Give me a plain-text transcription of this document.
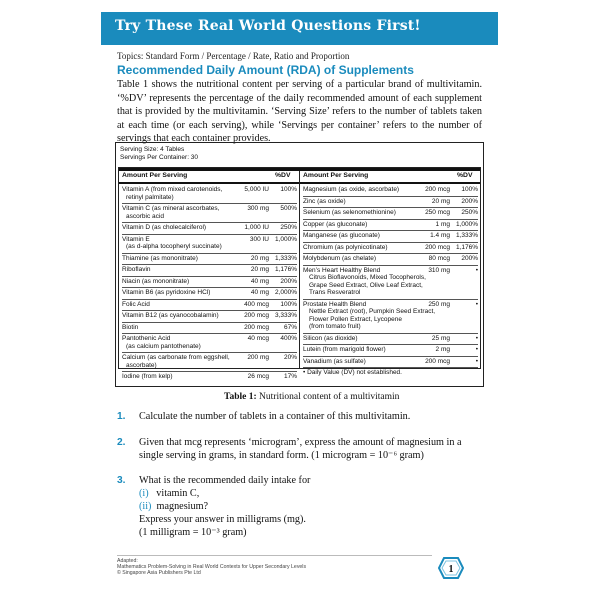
Try These Real World Questions First!
Topics: Standard Form / Percentage / Rate, Ratio and Proportion
Recommended Daily Amount (RDA) of Supplements

Table 1 shows the nutritional content per serving of a particular brand of multivitamin. ‘%DV’ represents the percentage of the daily recommended amount of each supplement that is provided by the multivitamin. ‘Serving Size’ refers to the number of tablets taken at each time (or each serving), while ‘Servings per container’ refers to the number of servings that each container provides.

Serving Size: 4 Tables
Servings Per Container: 30
Amount Per Serving	%DV Amount Per Serving	%DV
Vitamin A (from mixed carotenoids,
retinyl palmitate)
5,000 IU 100%
Vitamin C (as mineral ascorbates,
ascorbic acid
300 mg 500%
Vitamin D (as cholecalciferol)	1,000 IU 250%
Vitamin E
(as d-alpha tocopheryl succinate)
300 IU 1,000%
Thiamine (as mononitrate)	20 mg 1,333%
Riboflavin	20 mg 1,176%
Niacin (as mononitrate)	40 mg 200%
Vitamin B6 (as pyridoxine HCl)	40 mg 2,000%
Folic Acid	400 mcg 100%
Vitamin B12 (as cyanocobalamin)	200 mcg 3,333%
Biotin	200 mcg 67%
Pantothenic Acid
(as calcium pantothenate)
40 mcg 400%
Calcium (as carbonate from eggshell,
ascorbate)
200 mg 20%
Iodine (from kelp)	26 mcg 17%
Magnesium (as oxide, ascorbate)	200 mcg 100%
Zinc (as oxide)	20 mg 200%
Selenium (as selenomethionine)	250 mcg 250%
Copper (as gluconate)	1 mg 1,000%
Manganese (as gluconate)	1.4 mg 1,333%
Chromium (as polynicotinate)	200 mcg 1,176%
Molybdenum (as chelate)	80 mcg 200%
Men’s Heart Healthy Blend
Citrus Bioflavonoids, Mixed Tocopherols,
Grape Seed Extract, Olive Leaf Extract,
Trans Resveratrol
310 mg	•
Prostate Health Blend
Nettle Extract (root), Pumpkin Seed Extract,
Flower Pollen Extract, Lycopene
(from tomato fruit)
250 mg	•
Silicon (as dioxide)	25 mg	•
Lutein (from marigold flower)	2 mg	•
Vanadium (as sulfate)	200 mcg	•
• Daily Value (DV) not established.
Table 1: Nutritional content of a multivitamin
1. Calculate the number of tablets in a container of this multivitamin.
2. Given that mcg represents ‘microgram’, express the amount of magnesium in a single serving in grams, in standard form. (1 microgram = 10⁻⁶ gram)
3. What is the recommended daily intake for
(i) vitamin C,
(ii) magnesium?
Express your answer in milligrams (mg).
(1 milligram = 10⁻³ gram)
Adapted:
Mathematics Problem-Solving in Real World Contexts for Upper Secondary Levels
© Singapore Asia Publishers Pte Ltd	1
